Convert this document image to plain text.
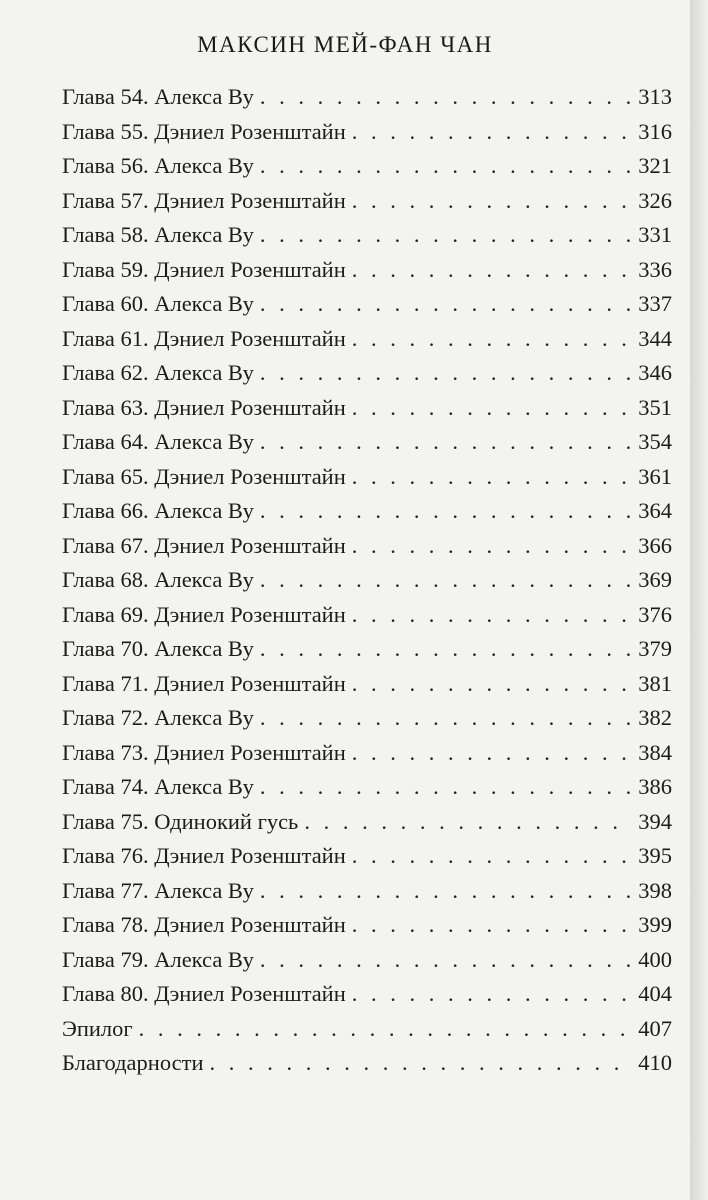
МАКСИН МЕЙ-ФАН ЧАН
Глава 54. Алекса Ву . . .	313
Глава 55. Дэниел Розенштайн . . .	316
Глава 56. Алекса Ву . . .	321
Глава 57. Дэниел Розенштайн . . .	326
Глава 58. Алекса Ву . . .	331
Глава 59. Дэниел Розенштайн . . .	336
Глава 60. Алекса Ву . . .	337
Глава 61. Дэниел Розенштайн . . .	344
Глава 62. Алекса Ву . . .	346
Глава 63. Дэниел Розенштайн . . .	351
Глава 64. Алекса Ву . . .	354
Глава 65. Дэниел Розенштайн . . .	361
Глава 66. Алекса Ву . . .	364
Глава 67. Дэниел Розенштайн . . .	366
Глава 68. Алекса Ву . . .	369
Глава 69. Дэниел Розенштайн . . .	376
Глава 70. Алекса Ву . . .	379
Глава 71. Дэниел Розенштайн . . .	381
Глава 72. Алекса Ву . . .	382
Глава 73. Дэниел Розенштайн . . .	384
Глава 74. Алекса Ву . . .	386
Глава 75. Одинокий гусь . . .	394
Глава 76. Дэниел Розенштайн . . .	395
Глава 77. Алекса Ву . . .	398
Глава 78. Дэниел Розенштайн . . .	399
Глава 79. Алекса Ву . . .	400
Глава 80. Дэниел Розенштайн . . .	404
Эпилог . . .	407
Благодарности . . .	410
